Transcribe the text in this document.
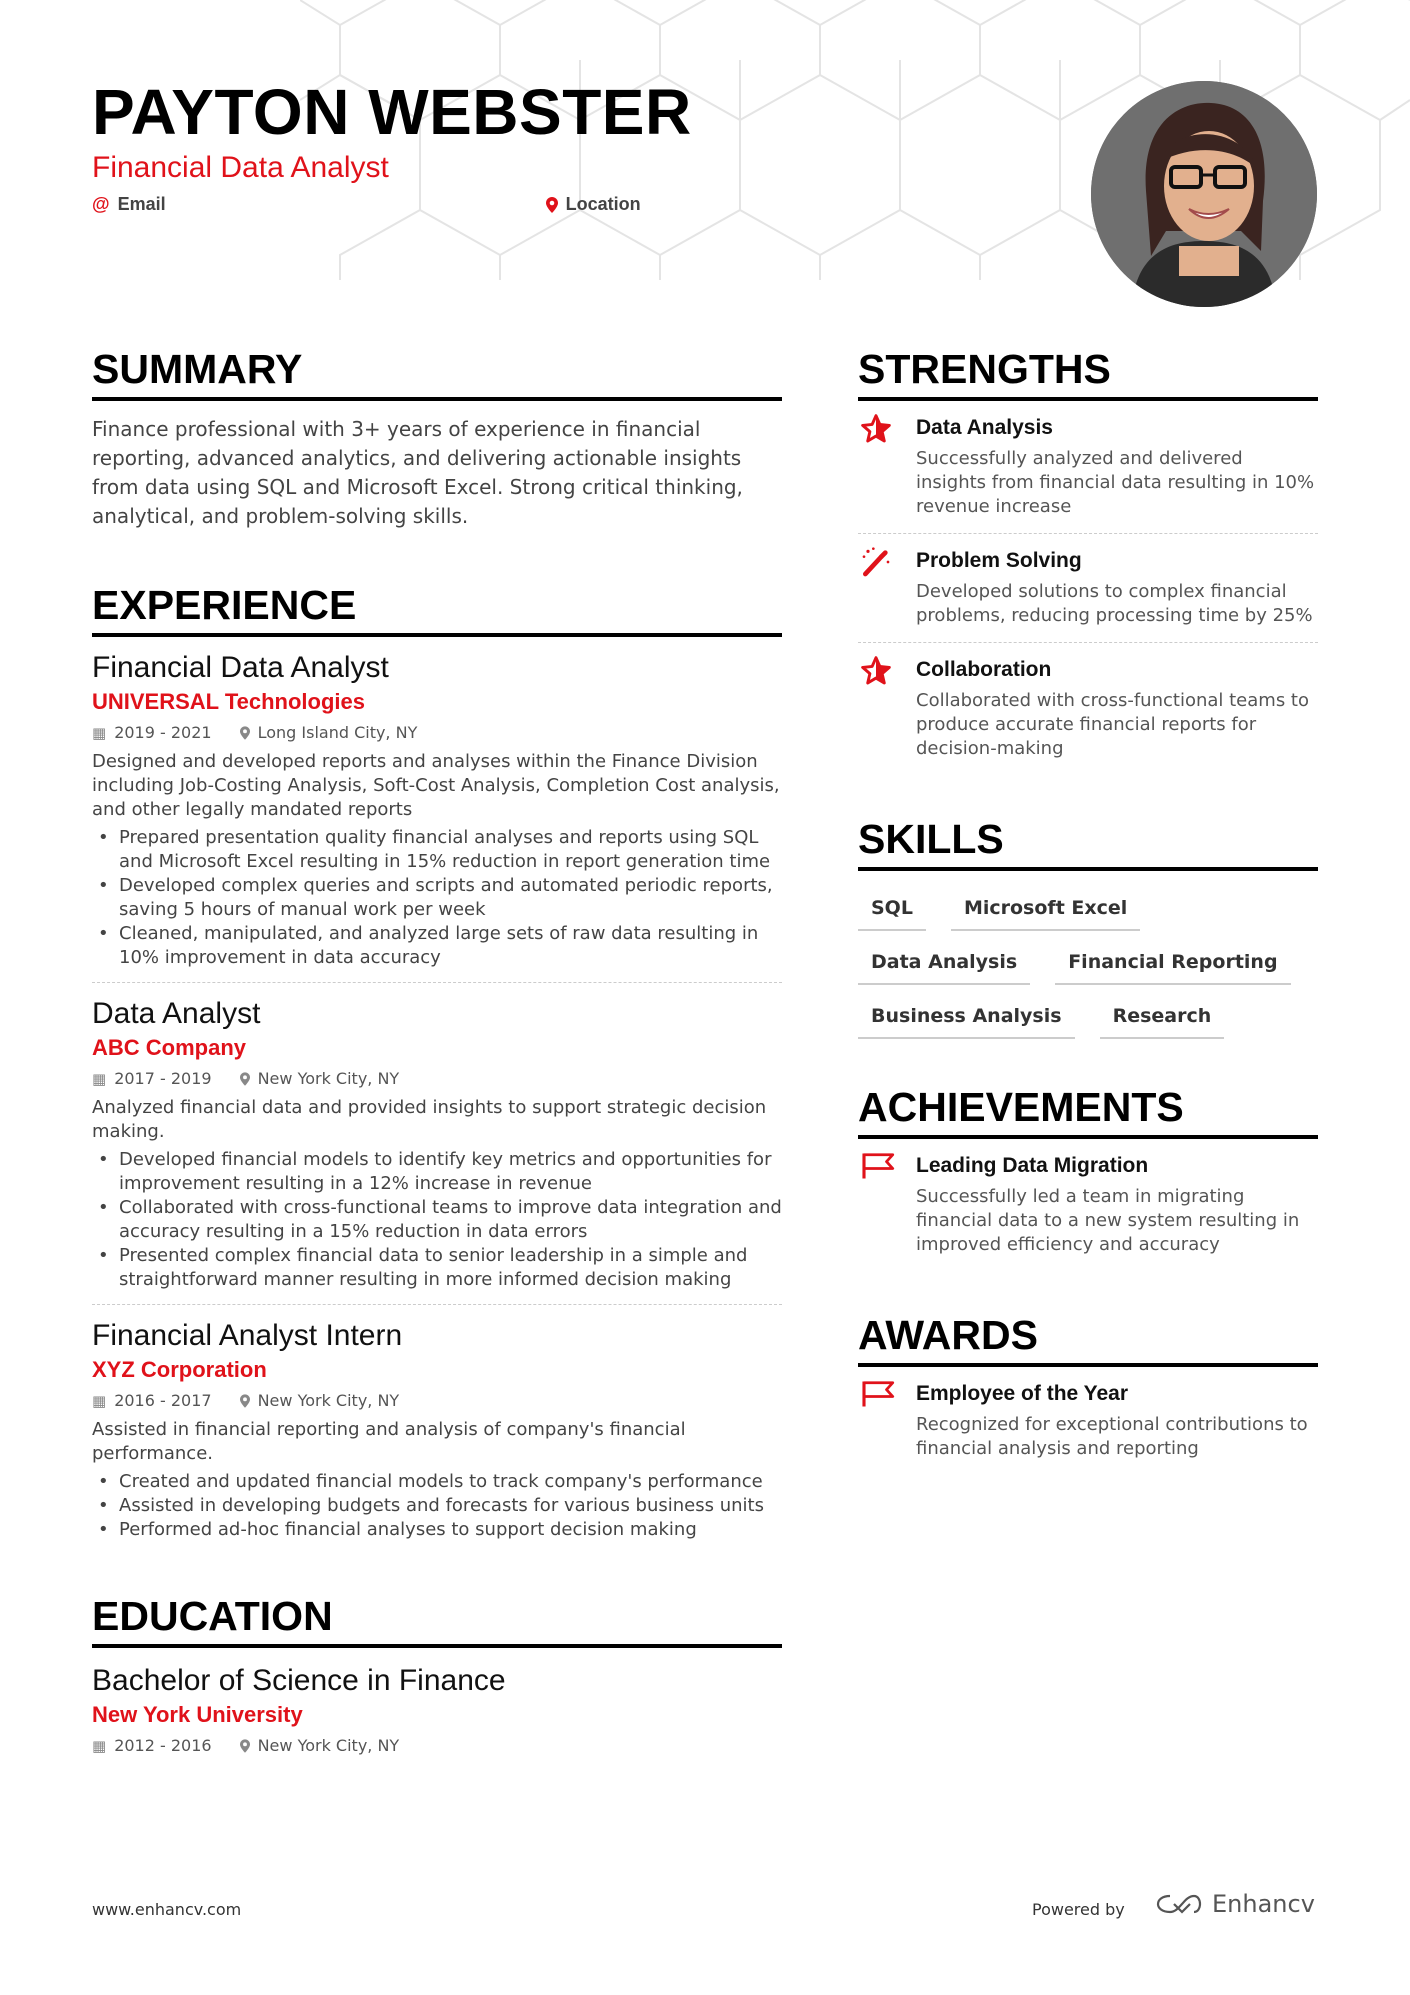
PAYTON WEBSTER
Financial Data Analyst
@ Email	Location
SUMMARY

Finance professional with 3+ years of experience in financial reporting, advanced analytics, and delivering actionable insights from data using SQL and Microsoft Excel. Strong critical thinking, analytical, and problem-solving skills.

EXPERIENCE
Financial Data Analyst
UNIVERSAL Technologies
▦ 2019 - 2021	Long Island City, NY

Designed and developed reports and analyses within the Finance Division including Job-Costing Analysis, Soft-Cost Analysis, Completion Cost analysis, and other legally mandated reports

• Prepared presentation quality financial analyses and reports using SQL and Microsoft Excel resulting in 15% reduction in report generation time
• Developed complex queries and scripts and automated periodic reports, saving 5 hours of manual work per week
• Cleaned, manipulated, and analyzed large sets of raw data resulting in 10% improvement in data accuracy
Data Analyst
ABC Company
▦ 2017 - 2019	New York City, NY

Analyzed financial data and provided insights to support strategic decision making.

• Developed financial models to identify key metrics and opportunities for improvement resulting in a 12% increase in revenue
• Collaborated with cross-functional teams to improve data integration and accuracy resulting in a 15% reduction in data errors
• Presented complex financial data to senior leadership in a simple and straightforward manner resulting in more informed decision making
Financial Analyst Intern
XYZ Corporation
▦ 2016 - 2017	New York City, NY

Assisted in financial reporting and analysis of company's financial performance.

• Created and updated financial models to track company's performance
• Assisted in developing budgets and forecasts for various business units
• Performed ad-hoc financial analyses to support decision making
EDUCATION
Bachelor of Science in Finance
New York University
▦ 2012 - 2016	New York City, NY
STRENGTHS
Data Analysis
Successfully analyzed and delivered insights from financial data resulting in 10% revenue increase
Problem Solving
Developed solutions to complex financial problems, reducing processing time by 25%
Collaboration
Collaborated with cross-functional teams to produce accurate financial reports for decision-making
SKILLS
SQL	Microsoft Excel
Data Analysis	Financial Reporting
Business Analysis	Research
ACHIEVEMENTS
Leading Data Migration
Successfully led a team in migrating financial data to a new system resulting in improved efficiency and accuracy
AWARDS
Employee of the Year
Recognized for exceptional contributions to financial analysis and reporting
www.enhancv.com	Powered by	Enhancv
